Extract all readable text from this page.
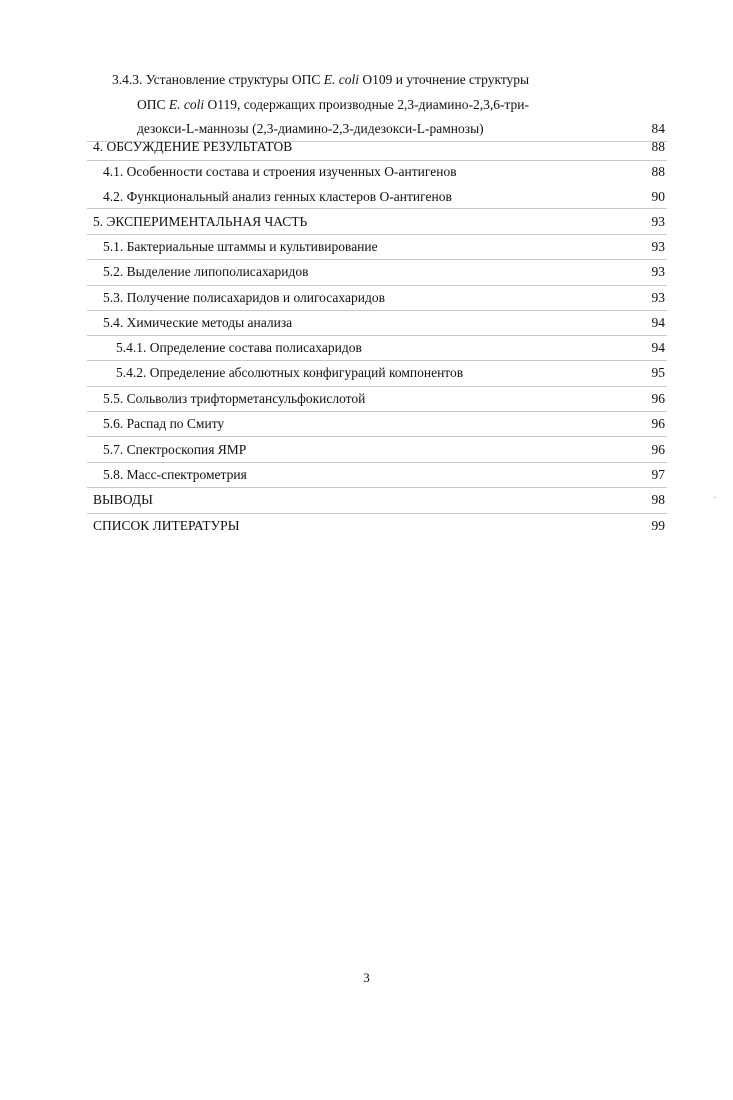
3.4.3. Установление структуры ОПС E. coli O109 и уточнение структуры
ОПС E. coli O119, содержащих производные 2,3-диамино-2,3,6-три-
дезокси-L-маннозы (2,3-диамино-2,3-дидезокси-L-рамнозы)	84
4. ОБСУЖДЕНИЕ РЕЗУЛЬТАТОВ	88
4.1. Особенности состава и строения изученных О-антигенов	88
4.2. Функциональный анализ генных кластеров О-антигенов	90
5. ЭКСПЕРИМЕНТАЛЬНАЯ ЧАСТЬ	93
5.1. Бактериальные штаммы и культивирование	93
5.2. Выделение липополисахаридов	93
5.3. Получение полисахаридов и олигосахаридов	93
5.4. Химические методы анализа	94
5.4.1. Определение состава полисахаридов	94
5.4.2. Определение абсолютных конфигураций компонентов	95
5.5. Сольволиз трифторметансульфокислотой	96
5.6. Распад по Смиту	96
5.7. Спектроскопия ЯМР	96
5.8. Масс-спектрометрия	97
ВЫВОДЫ	98
СПИСОК ЛИТЕРАТУРЫ	99
3
